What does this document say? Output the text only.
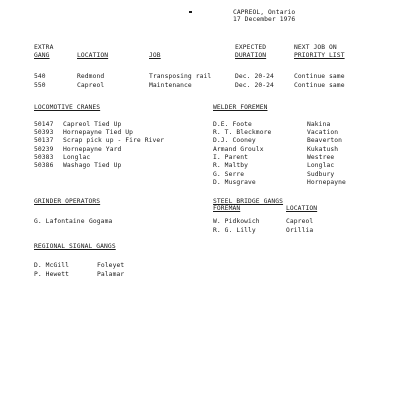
CAPREOL, Ontario
17 December 1976
EXTRA
GANG	LOCATION	JOB
EXPECTED
DURATION
NEXT JOB ON
PRIORITY LIST
540	Redmond	Transposing rail	Dec. 20-24	Continue same
550	Capreol	Maintenance	Dec. 20-24	Continue same
LOCOMOTIVE CRANES
50147 Capreol Tied Up
50393 Hornepayne Tied Up
50137 Scrap pick up - Fire River
50239 Hornepayne Yard
50383 Longlac
50386 Washago Tied Up
WELDER FOREMEN
D.E. Foote	Nakina
R. T. Bleckmore	Vacation
D.J. Cooney	Beaverton
Armand Groulx	Kukatush
I. Parent	Westree
R. Maltby	Longlac
G. Serre	Sudbury
D. Musgrave	Hornepayne
GRINDER OPERATORS
G. Lafontaine Gogama
STEEL BRIDGE GANGS
FOREMAN	LOCATION
W. Pidkowich	Capreol
R. G. Lilly	Orillia
REGIONAL SIGNAL GANGS
D. McGill	Foleyet
P. Hewett	Palamar
